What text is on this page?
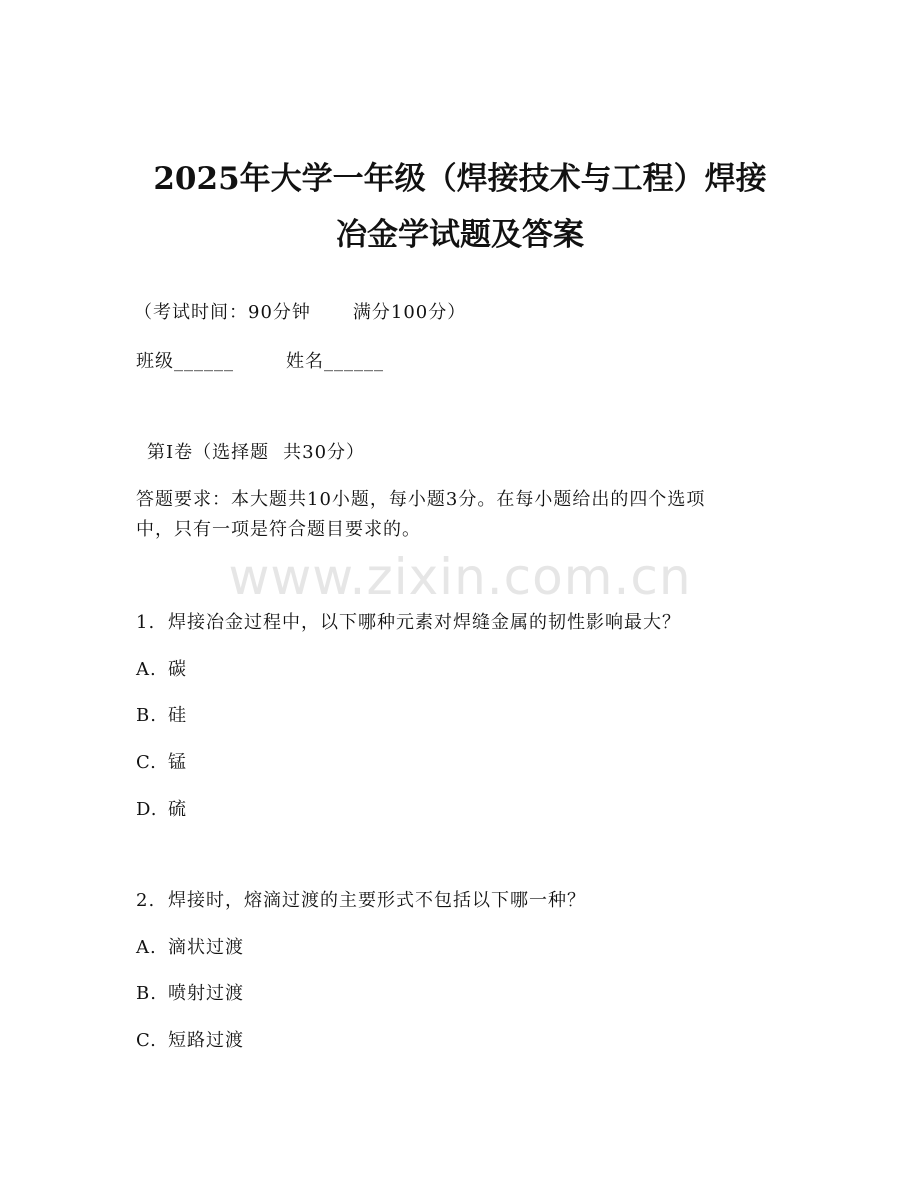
2025年大学一年级（焊接技术与工程）焊接
冶金学试题及答案
（考试时间：90分钟 满分100分）
班级______	姓名______
第Ⅰ卷（选择题 共30分）
答题要求：本大题共10小题，每小题3分。在每小题给出的四个选项
中，只有一项是符合题目要求的。
www.zixin.com.cn
1. 焊接冶金过程中，以下哪种元素对焊缝金属的韧性影响最大？
A. 碳
B. 硅
C. 锰
D. 硫
2. 焊接时，熔滴过渡的主要形式不包括以下哪一种？
A. 滴状过渡
B. 喷射过渡
C. 短路过渡
